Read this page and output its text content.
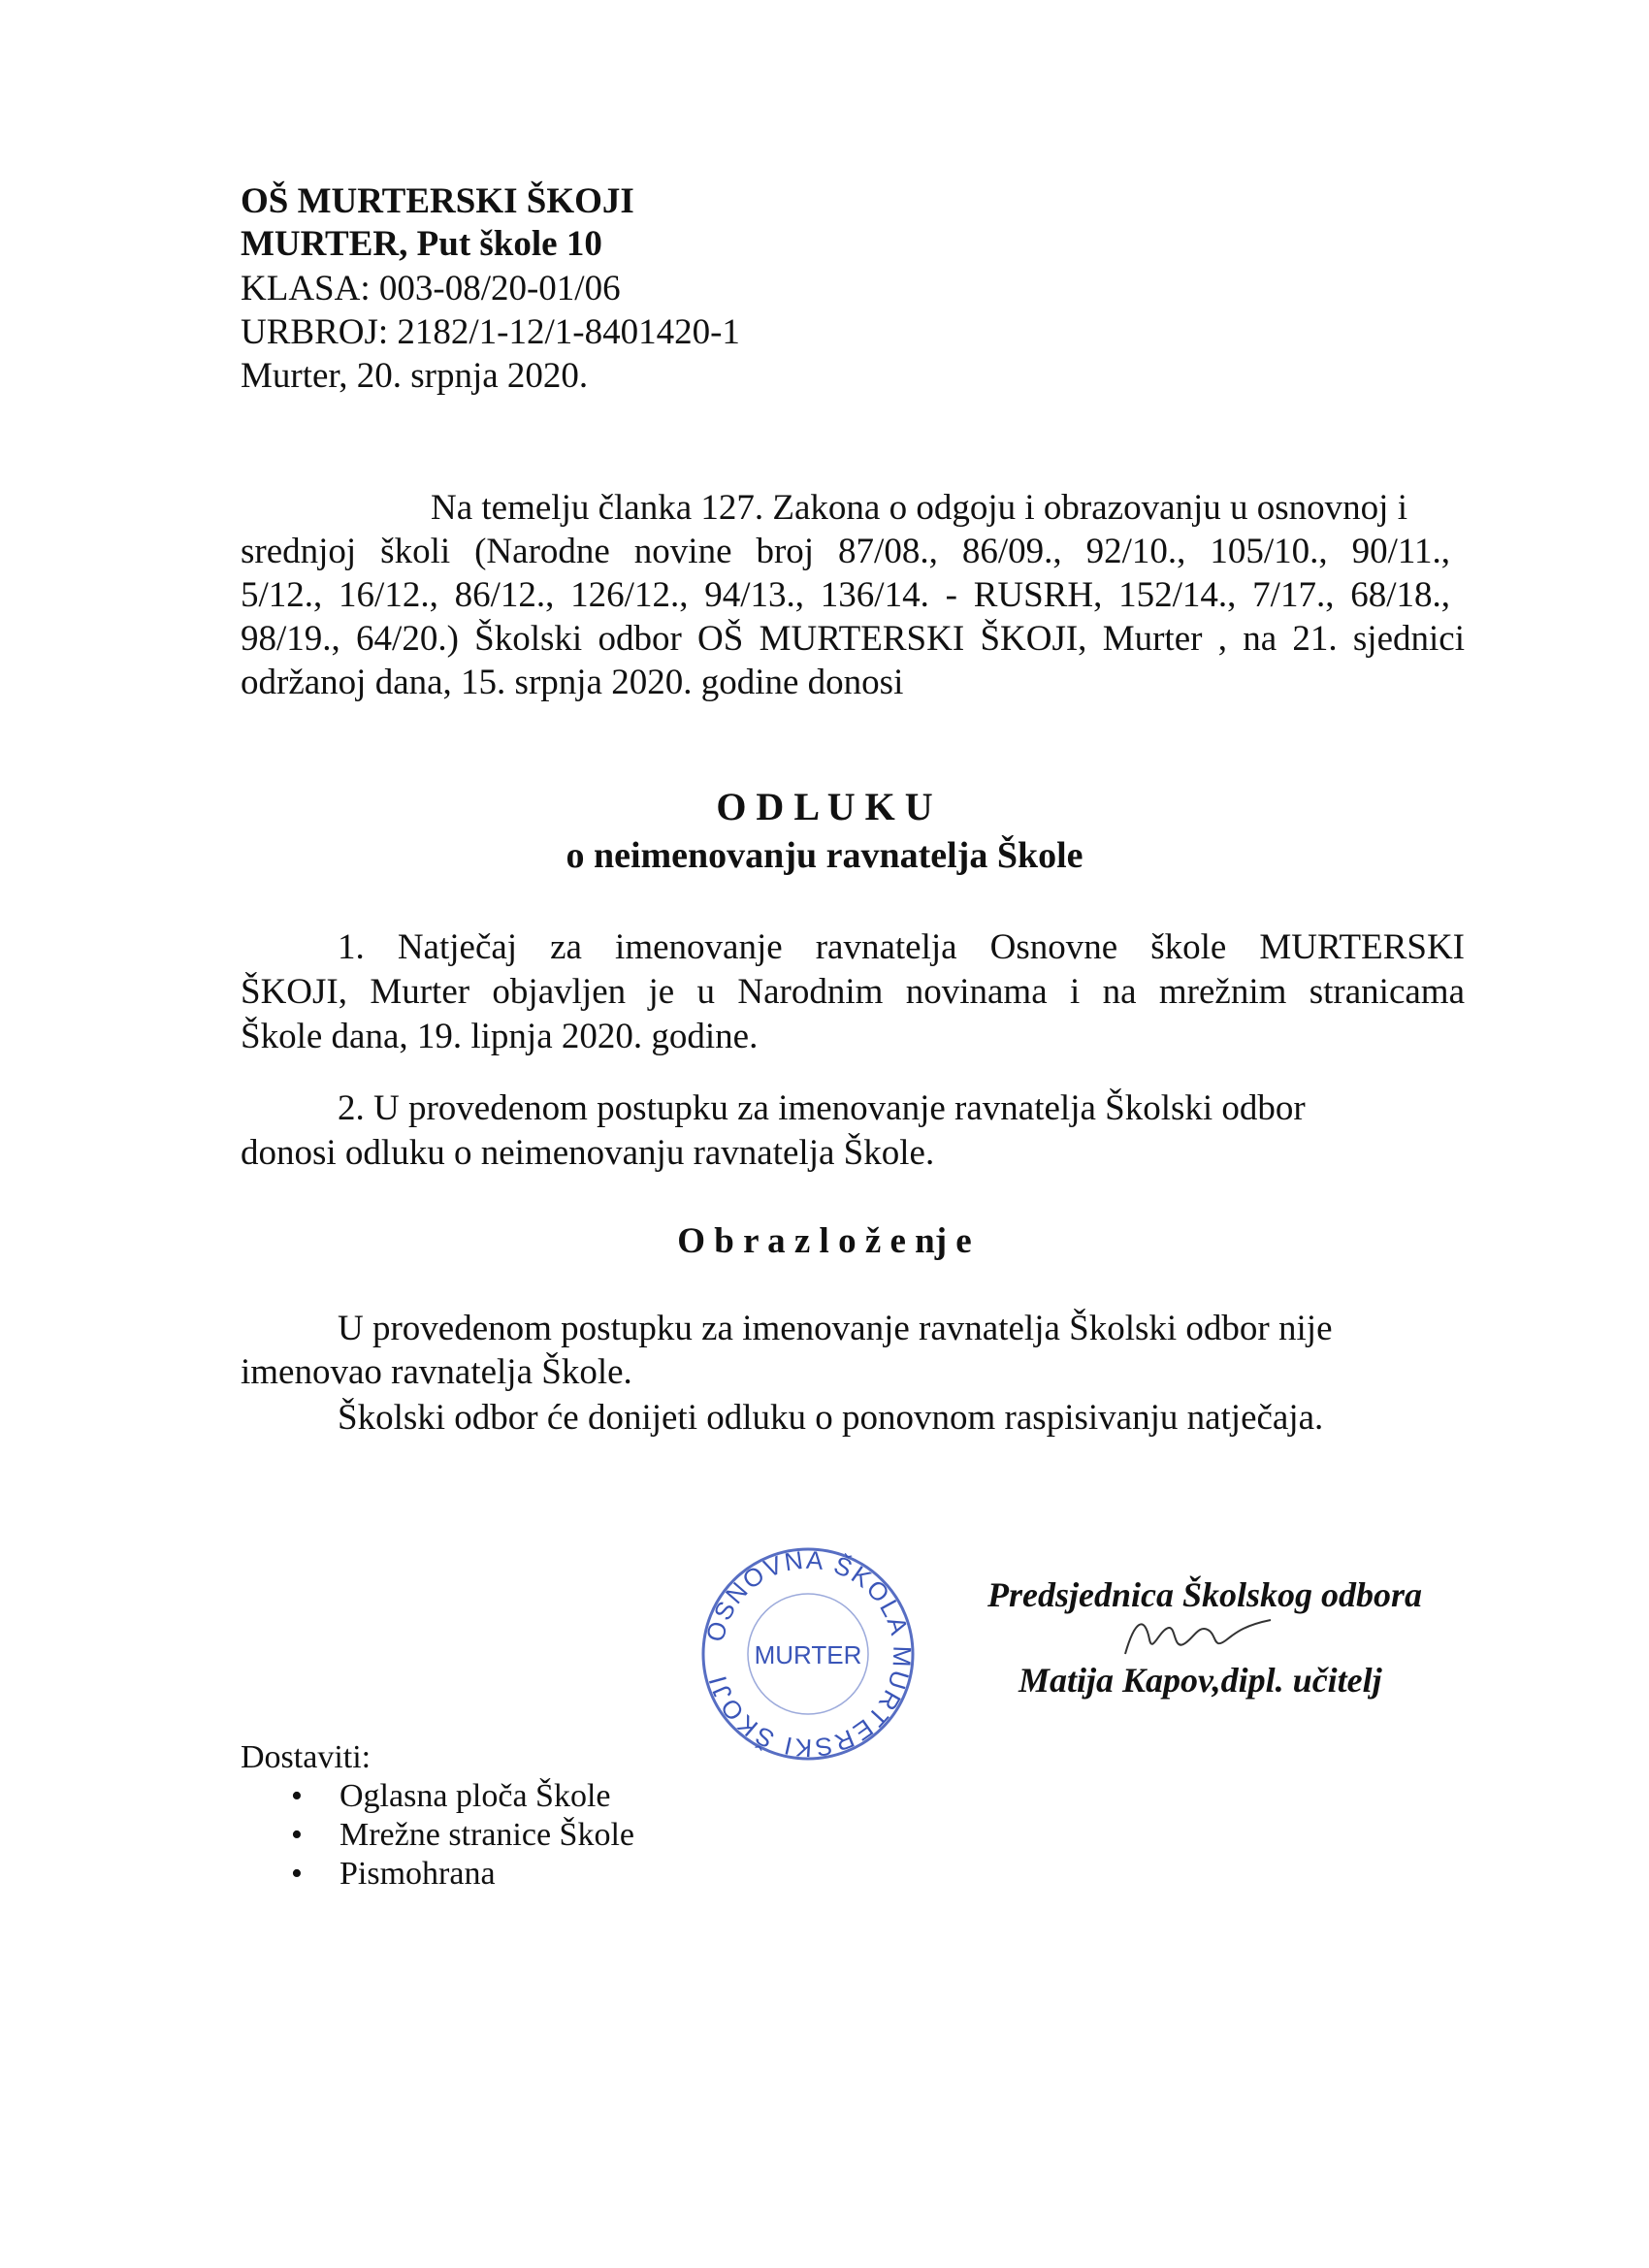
OŠ MURTERSKI ŠKOJI
MURTER, Put škole 10
KLASA: 003-08/20-01/06
URBROJ: 2182/1-12/1-8401420-1
Murter, 20. srpnja 2020.
Na temelju članka 127. Zakona o odgoju i obrazovanju u osnovnoj i
srednjoj školi (Narodne novine broj 87/08., 86/09., 92/10., 105/10., 90/11.,
5/12., 16/12., 86/12., 126/12., 94/13., 136/14. - RUSRH, 152/14., 7/17., 68/18.,
98/19., 64/20.) Školski odbor OŠ MURTERSKI ŠKOJI, Murter , na 21. sjednici
održanoj dana, 15. srpnja 2020. godine donosi
O D L U K U
o neimenovanju ravnatelja Škole
1. Natječaj za imenovanje ravnatelja Osnovne škole MURTERSKI
ŠKOJI, Murter objavljen je u Narodnim novinama i na mrežnim stranicama
Škole dana, 19. lipnja 2020. godine.
2. U provedenom postupku za imenovanje ravnatelja Školski odbor
donosi odluku o neimenovanju ravnatelja Škole.
O b r a z l o ž e nj e
U provedenom postupku za imenovanje ravnatelja Školski odbor nije
imenovao ravnatelja Škole.
Školski odbor će donijeti odluku o ponovnom raspisivanju natječaja.
OSNOVNA ŠKOLA MURTERSKI ŠKOJI
MURTER
Predsjednica Školskog odbora
Matija Kapov,dipl. učitelj
Dostaviti:
• Oglasna ploča Škole
• Mrežne stranice Škole
• Pismohrana
